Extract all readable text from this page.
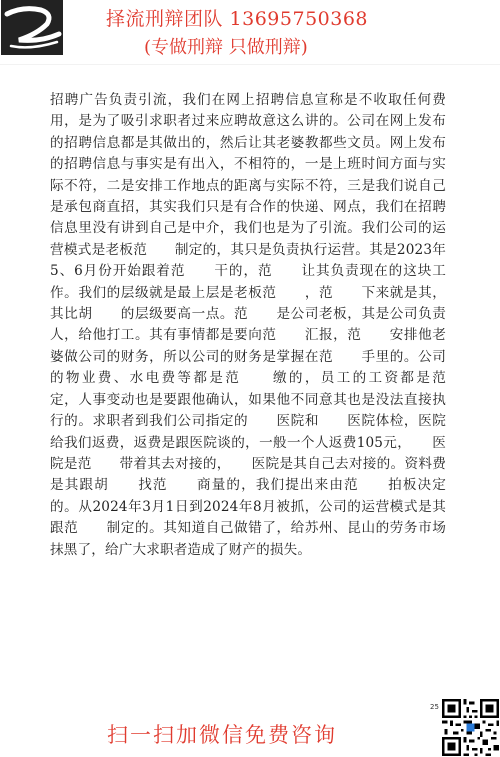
择流刑辩团队 13695750368
(专做刑辩 只做刑辩)
招聘广告负责引流，我们在网上招聘信息宣称是不收取任何费用，是为了吸引求职者过来应聘故意这么讲的。公司在网上发布的招聘信息都是其做出的，然后让其老婆教都些文员。网上发布的招聘信息与事实是有出入，不相符的，一是上班时间方面与实际不符，二是安排工作地点的距离与实际不符，三是我们说自己是承包商直招，其实我们只是有合作的快递、网点，我们在招聘信息里没有讲到自己是中介，我们也是为了引流。我们公司的运营模式是老板范　　制定的，其只是负责执行运营。其是2023年5、6月份开始跟着范　　干的，范　　让其负责现在的这块工作。我们的层级就是最上层是老板范　　，范　　下来就是其，其比胡　　的层级要高一点。范　　是公司老板，其是公司负责人，给他打工。其有事情都是要向范　　汇报，范　　安排他老婆做公司的财务，所以公司的财务是掌握在范　　手里的。公司的物业费、水电费等都是范　　缴的，员工的工资都是范　　定，人事变动也是要跟他确认，如果他不同意其也是没法直接执行的。求职者到我们公司指定的　　医院和　　医院体检，医院给我们返费，返费是跟医院谈的，一般一个人返费105元，　　医院是范　　带着其去对接的，　　医院是其自己去对接的。资料费是其跟胡　　找范　　商量的，我们提出来由范　　拍板决定的。从2024年3月1日到2024年8月被抓，公司的运营模式是其跟范　　制定的。其知道自己做错了，给苏州、昆山的劳务市场抹黑了，给广大求职者造成了财产的损失。
25
扫一扫加微信免费咨询
